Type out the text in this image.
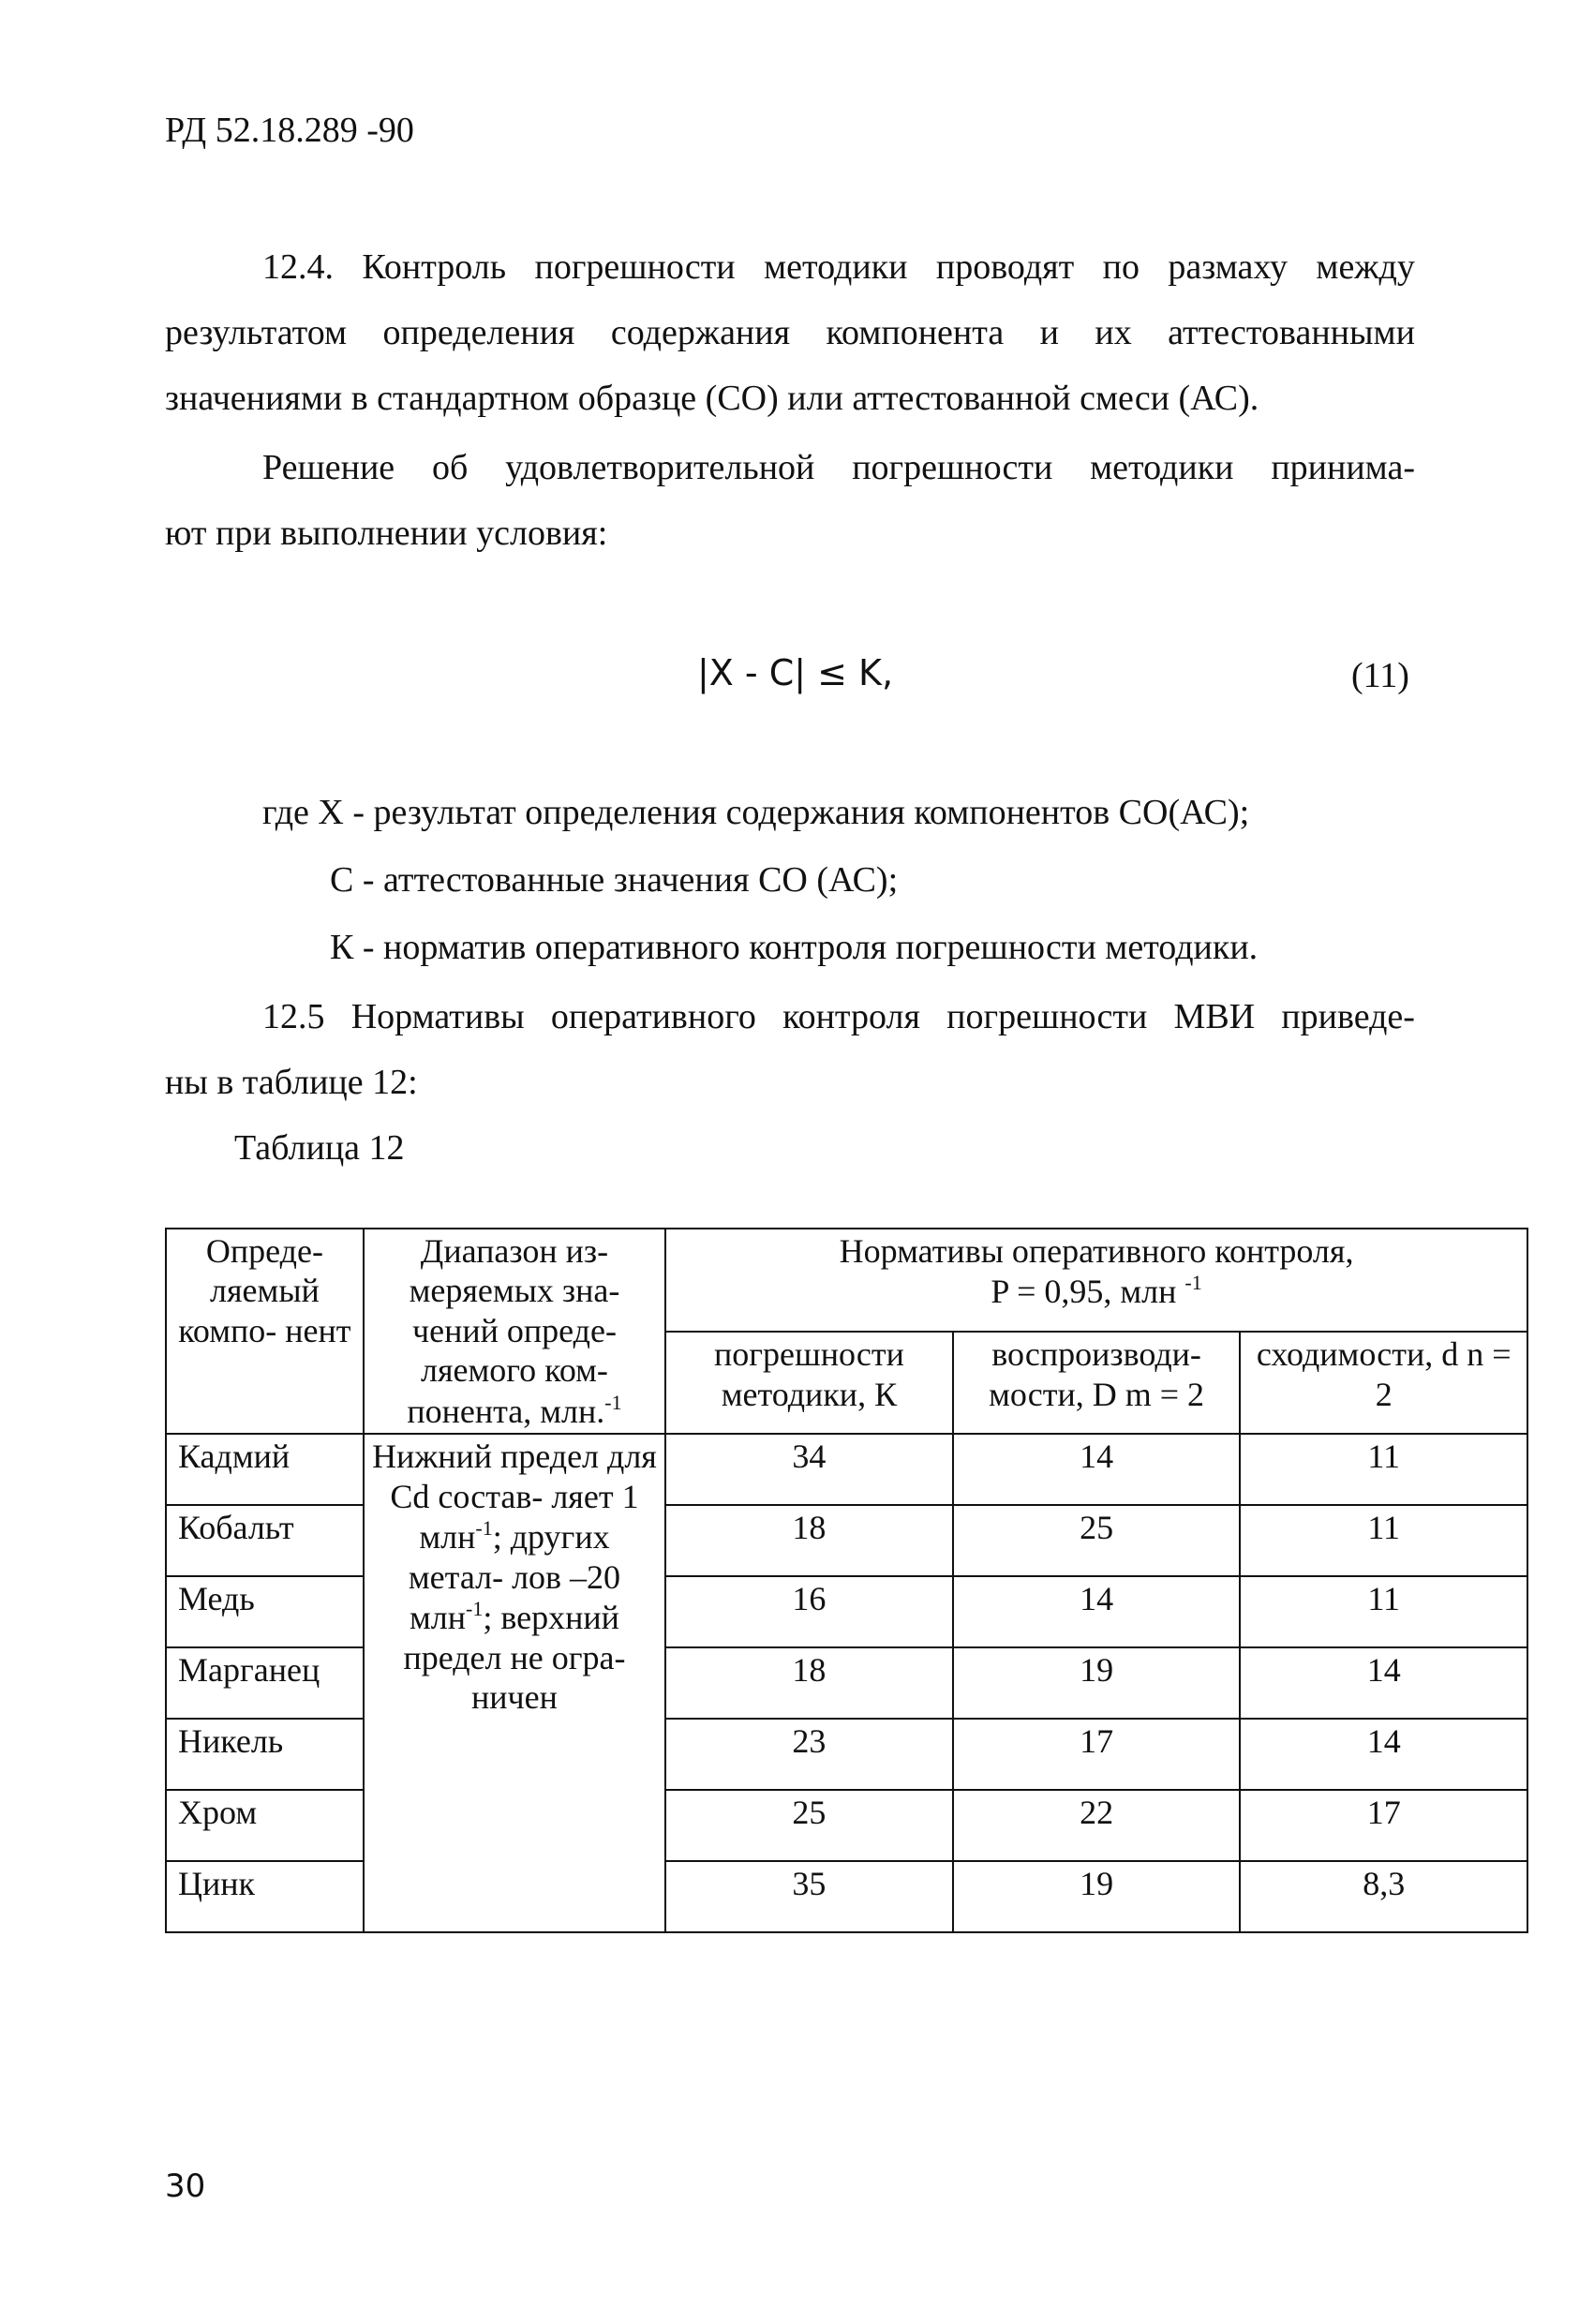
РД 52.18.289 -90
12.4. Контроль погрешности методики проводят по размаху между
результатом определения содержания компонента и их аттестованными
значениями в стандартном образце (СО) или аттестованной смеси (АС).
Решение об удовлетворительной погрешности методики принима-
ют при выполнении условия:
|X - C| ≤ K,	(11)
где X - результат определения содержания компонентов СО(АС);
С - аттестованные значения СО (АС);
К - норматив оперативного контроля погрешности методики.
12.5 Нормативы оперативного контроля погрешности МВИ приведе-
ны в таблице 12:
Таблица 12
Опреде- ляемый компо- нент	Диапазон из- меряемых зна- чений опреде- ляемого ком- понента, млн.$^{-1}$	Нормативы оперативного контроля,
P = 0,95, млн $^{-1}$
		погрешности методики, К	воспроизводи- мости, D m = 2	сходимости, d n = 2
Кадмий	Нижний предел для Cd состав- ляет 1 млн$^{-1}$; других метал- лов –20 млн$^{-1}$; верхний предел не огра- ничен	34	14	11
Кобальт		18	25	11
Медь		16	14	11
Марганец		18	19	14
Никель		23	17	14
Хром		25	22	17
Цинк		35	19	8,3
30
